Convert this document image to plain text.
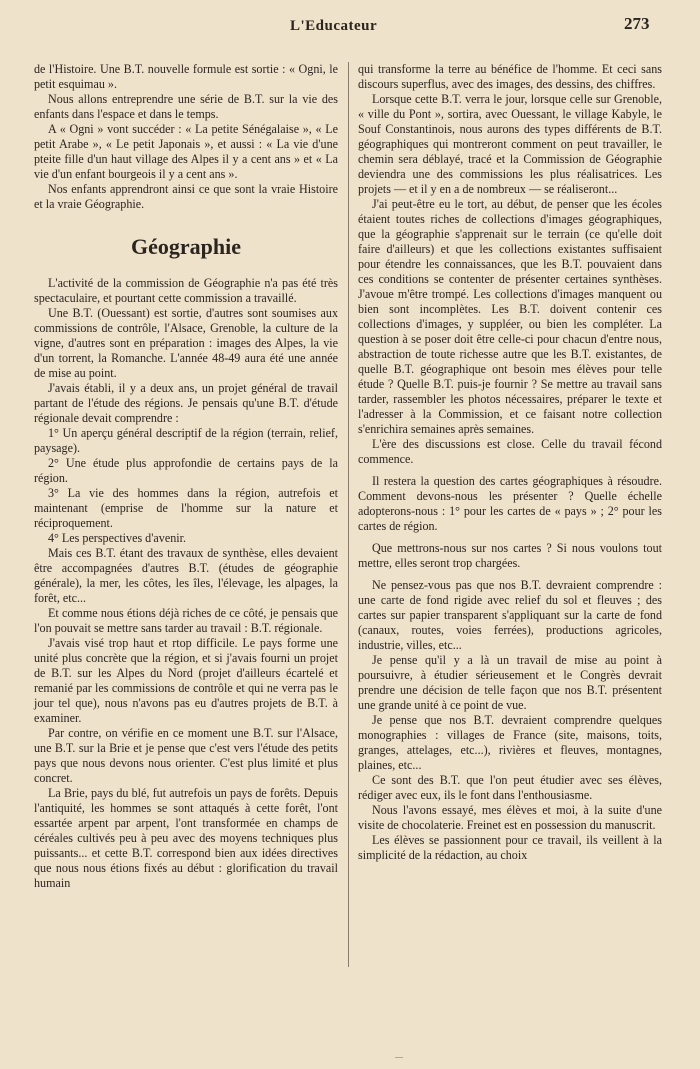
L'Educateur	273

de l'Histoire. Une B.T. nouvelle formule est sortie : « Ogni, le petit esquimau ».

Nous allons entreprendre une série de B.T. sur la vie des enfants dans l'espace et dans le temps.

A « Ogni » vont succéder : « La petite Sénégalaise », « Le petit Arabe », « Le petit Japonais », et aussi : « La vie d'une pteite fille d'un haut village des Alpes il y a cent ans » et « La vie d'un enfant bourgeois il y a cent ans ».

Nos enfants apprendront ainsi ce que sont la vraie Histoire et la vraie Géographie.

Géographie

L'activité de la commission de Géographie n'a pas été très spectaculaire, et pourtant cette commission a travaillé.

Une B.T. (Ouessant) est sortie, d'autres sont soumises aux commissions de contrôle, l'Alsace, Grenoble, la culture de la vigne, d'autres sont en préparation : images des Alpes, la vie d'un torrent, la Romanche. L'année 48-49 aura été une année de mise au point.

J'avais établi, il y a deux ans, un projet général de travail partant de l'étude des régions. Je pensais qu'une B.T. d'étude régionale devait comprendre :

1° Un aperçu général descriptif de la région (terrain, relief, paysage).

2° Une étude plus approfondie de certains pays de la région.

3° La vie des hommes dans la région, autrefois et maintenant (emprise de l'homme sur la nature et réciproquement.

4° Les perspectives d'avenir.

Mais ces B.T. étant des travaux de synthèse, elles devaient être accompagnées d'autres B.T. (études de géographie générale), la mer, les côtes, les îles, l'élevage, les alpages, la forêt, etc...

Et comme nous étions déjà riches de ce côté, je pensais que l'on pouvait se mettre sans tarder au travail : B.T. régionale.

J'avais visé trop haut et rtop difficile. Le pays forme une unité plus concrète que la région, et si j'avais fourni un projet de B.T. sur les Alpes du Nord (projet d'ailleurs écartelé et remanié par les commissions de contrôle et qui ne verra pas le jour tel que), nous n'avons pas eu d'autres projets de B.T. à examiner.

Par contre, on vérifie en ce moment une B.T. sur l'Alsace, une B.T. sur la Brie et je pense que c'est vers l'étude des petits pays que nous devons nous orienter. C'est plus limité et plus concret.

La Brie, pays du blé, fut autrefois un pays de forêts. Depuis l'antiquité, les hommes se sont attaqués à cette forêt, l'ont essartée arpent par arpent, l'ont transformée en champs de céréales cultivés peu à peu avec des moyens techniques plus puissants... et cette B.T. correspond bien aux idées directives que nous nous étions fixés au début : glorification du travail humain

qui transforme la terre au bénéfice de l'homme. Et ceci sans discours superflus, avec des images, des dessins, des chiffres.

Lorsque cette B.T. verra le jour, lorsque celle sur Grenoble, « ville du Pont », sortira, avec Ouessant, le village Kabyle, le Souf Constantinois, nous aurons des types différents de B.T. géographiques qui montreront comment on peut travailler, le chemin sera déblayé, tracé et la Commission de Géographie deviendra une des commissions les plus réalisatrices. Les projets — et il y en a de nombreux — se réaliseront...

J'ai peut-être eu le tort, au début, de penser que les écoles étaient toutes riches de collections d'images géographiques, que la géographie s'apprenait sur le terrain (ce qu'elle doit faire d'ailleurs) et que les collections existantes suffisaient pour étendre les connaissances, que les B.T. pouvaient dans ces conditions se contenter de présenter certaines synthèses. J'avoue m'être trompé. Les collections d'images manquent ou bien sont incomplètes. Les B.T. doivent contenir ces collections d'images, y suppléer, ou bien les compléter. La question à se poser doit être celle-ci pour chacun d'entre nous, abstraction de toute richesse autre que les B.T. existantes, de quelle B.T. géographique ont besoin mes élèves pour telle étude ? Quelle B.T. puis-je fournir ? Se mettre au travail sans tarder, rassembler les photos nécessaires, préparer le texte et l'adresser à la Commission, et ce faisant notre collection s'enrichira semaines après semaines.

L'ère des discussions est close. Celle du travail fécond commence.

Il restera la question des cartes géographiques à résoudre. Comment devons-nous les présenter ? Quelle échelle adopterons-nous : 1° pour les cartes de « pays » ; 2° pour les cartes de région.

Que mettrons-nous sur nos cartes ? Si nous voulons tout mettre, elles seront trop chargées.

Ne pensez-vous pas que nos B.T. devraient comprendre : une carte de fond rigide avec relief du sol et fleuves ; des cartes sur papier transparent s'appliquant sur la carte de fond (canaux, routes, voies ferrées), productions agricoles, industrie, villes, etc...

Je pense qu'il y a là un travail de mise au point à poursuivre, à étudier sérieusement et le Congrès devrait prendre une décision de telle façon que nos B.T. présentent une grande unité à ce point de vue.

Je pense que nos B.T. devraient comprendre quelques monographies : villages de France (site, maisons, toits, granges, attelages, etc...), rivières et fleuves, montagnes, plaines, etc...

Ce sont des B.T. que l'on peut étudier avec ses élèves, rédiger avec eux, ils le font dans l'enthousiasme.

Nous l'avons essayé, mes élèves et moi, à la suite d'une visite de chocolaterie. Freinet est en possession du manuscrit.

Les élèves se passionnent pour ce travail, ils veillent à la simplicité de la rédaction, au choix
